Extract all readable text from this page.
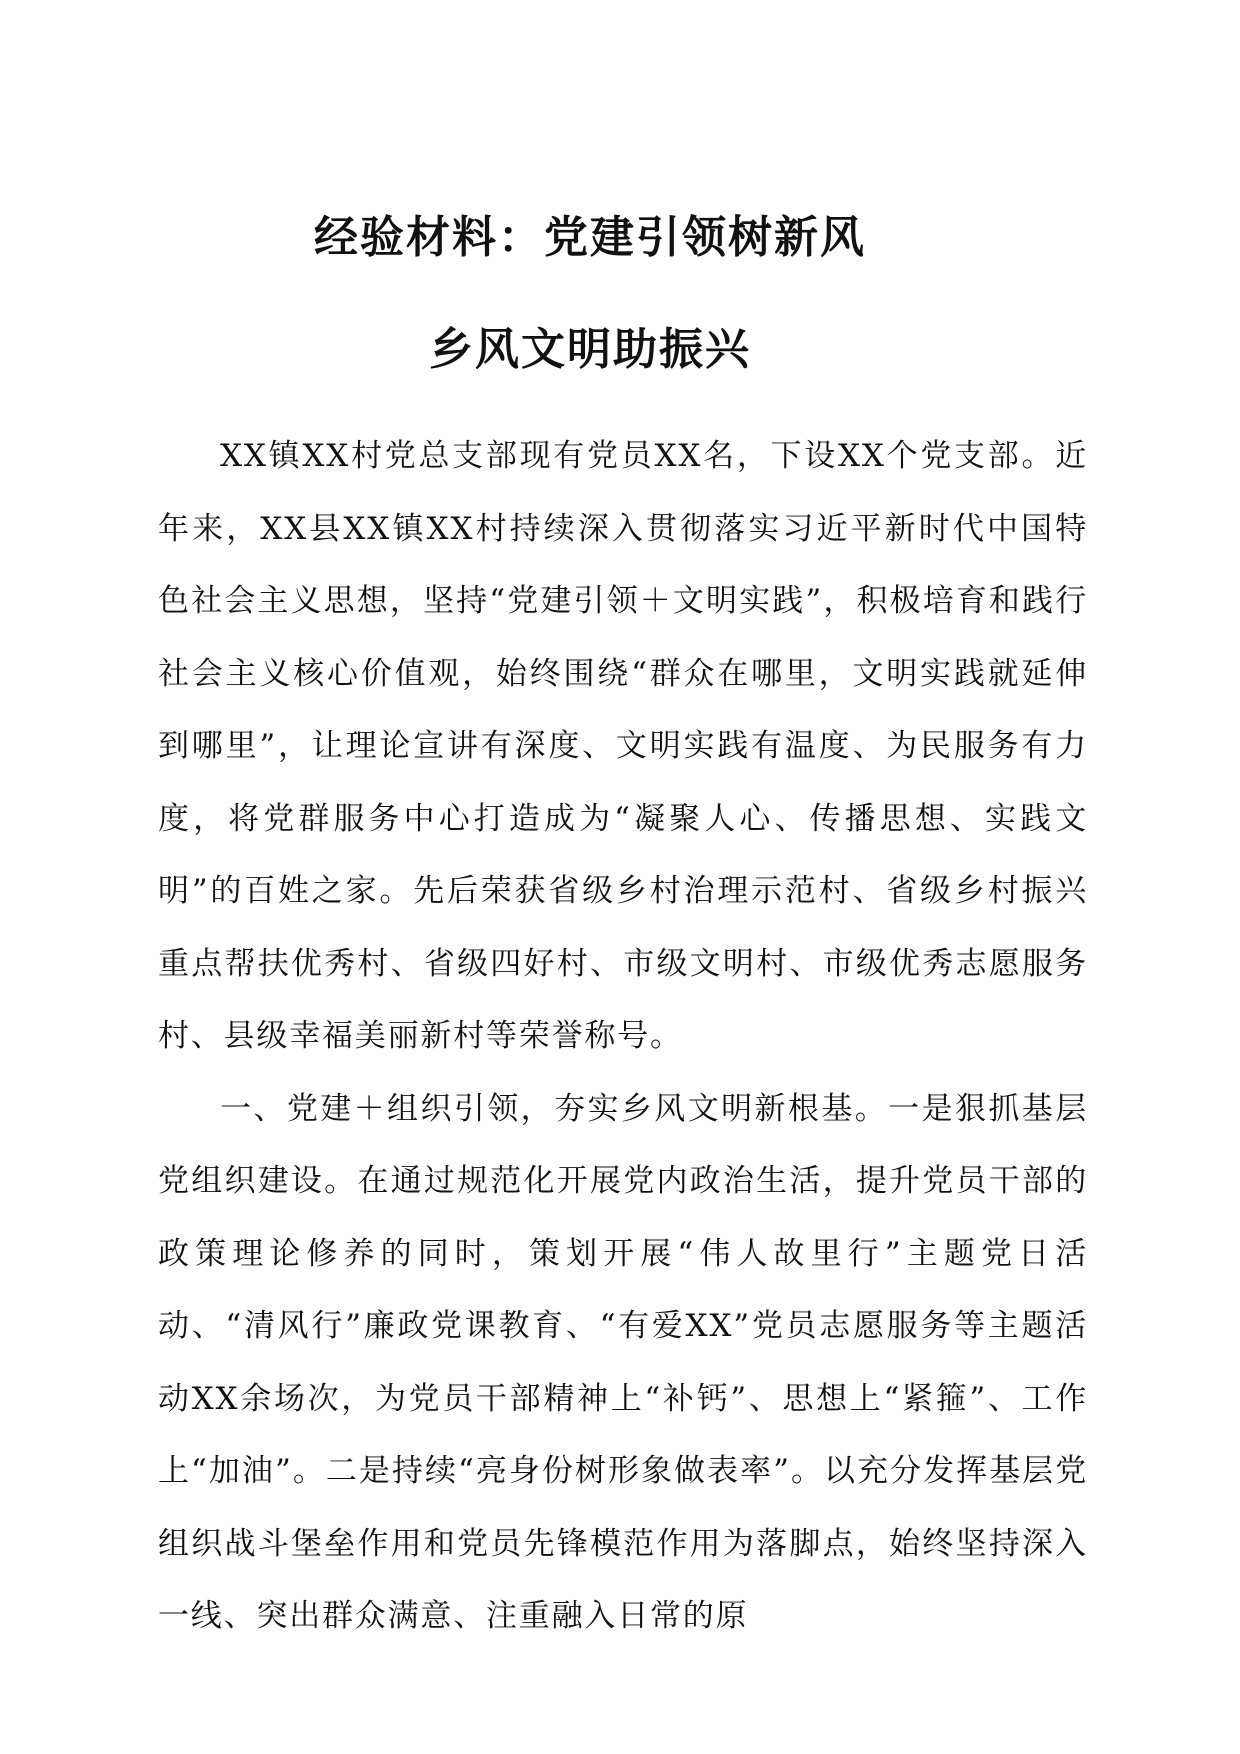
经验材料：党建引领树新风
乡风文明助振兴

XX镇XX村党总支部现有党员XX名，下设XX个党支部。近年来，XX县XX镇XX村持续深入贯彻落实习近平新时代中国特色社会主义思想，坚持“党建引领＋文明实践”，积极培育和践行社会主义核心价值观，始终围绕“群众在哪里，文明实践就延伸到哪里”，让理论宣讲有深度、文明实践有温度、为民服务有力度，将党群服务中心打造成为“凝聚人心、传播思想、实践文明”的百姓之家。先后荣获省级乡村治理示范村、省级乡村振兴重点帮扶优秀村、省级四好村、市级文明村、市级优秀志愿服务村、县级幸福美丽新村等荣誉称号。

一、党建＋组织引领，夯实乡风文明新根基。一是狠抓基层党组织建设。在通过规范化开展党内政治生活，提升党员干部的政策理论修养的同时，策划开展“伟人故里行”主题党日活动、“清风行”廉政党课教育、“有爱XX”党员志愿服务等主题活动XX余场次，为党员干部精神上“补钙”、思想上“紧箍”、工作上“加油”。二是持续“亮身份树形象做表率”。以充分发挥基层党组织战斗堡垒作用和党员先锋模范作用为落脚点，始终坚持深入一线、突出群众满意、注重融入日常的原
